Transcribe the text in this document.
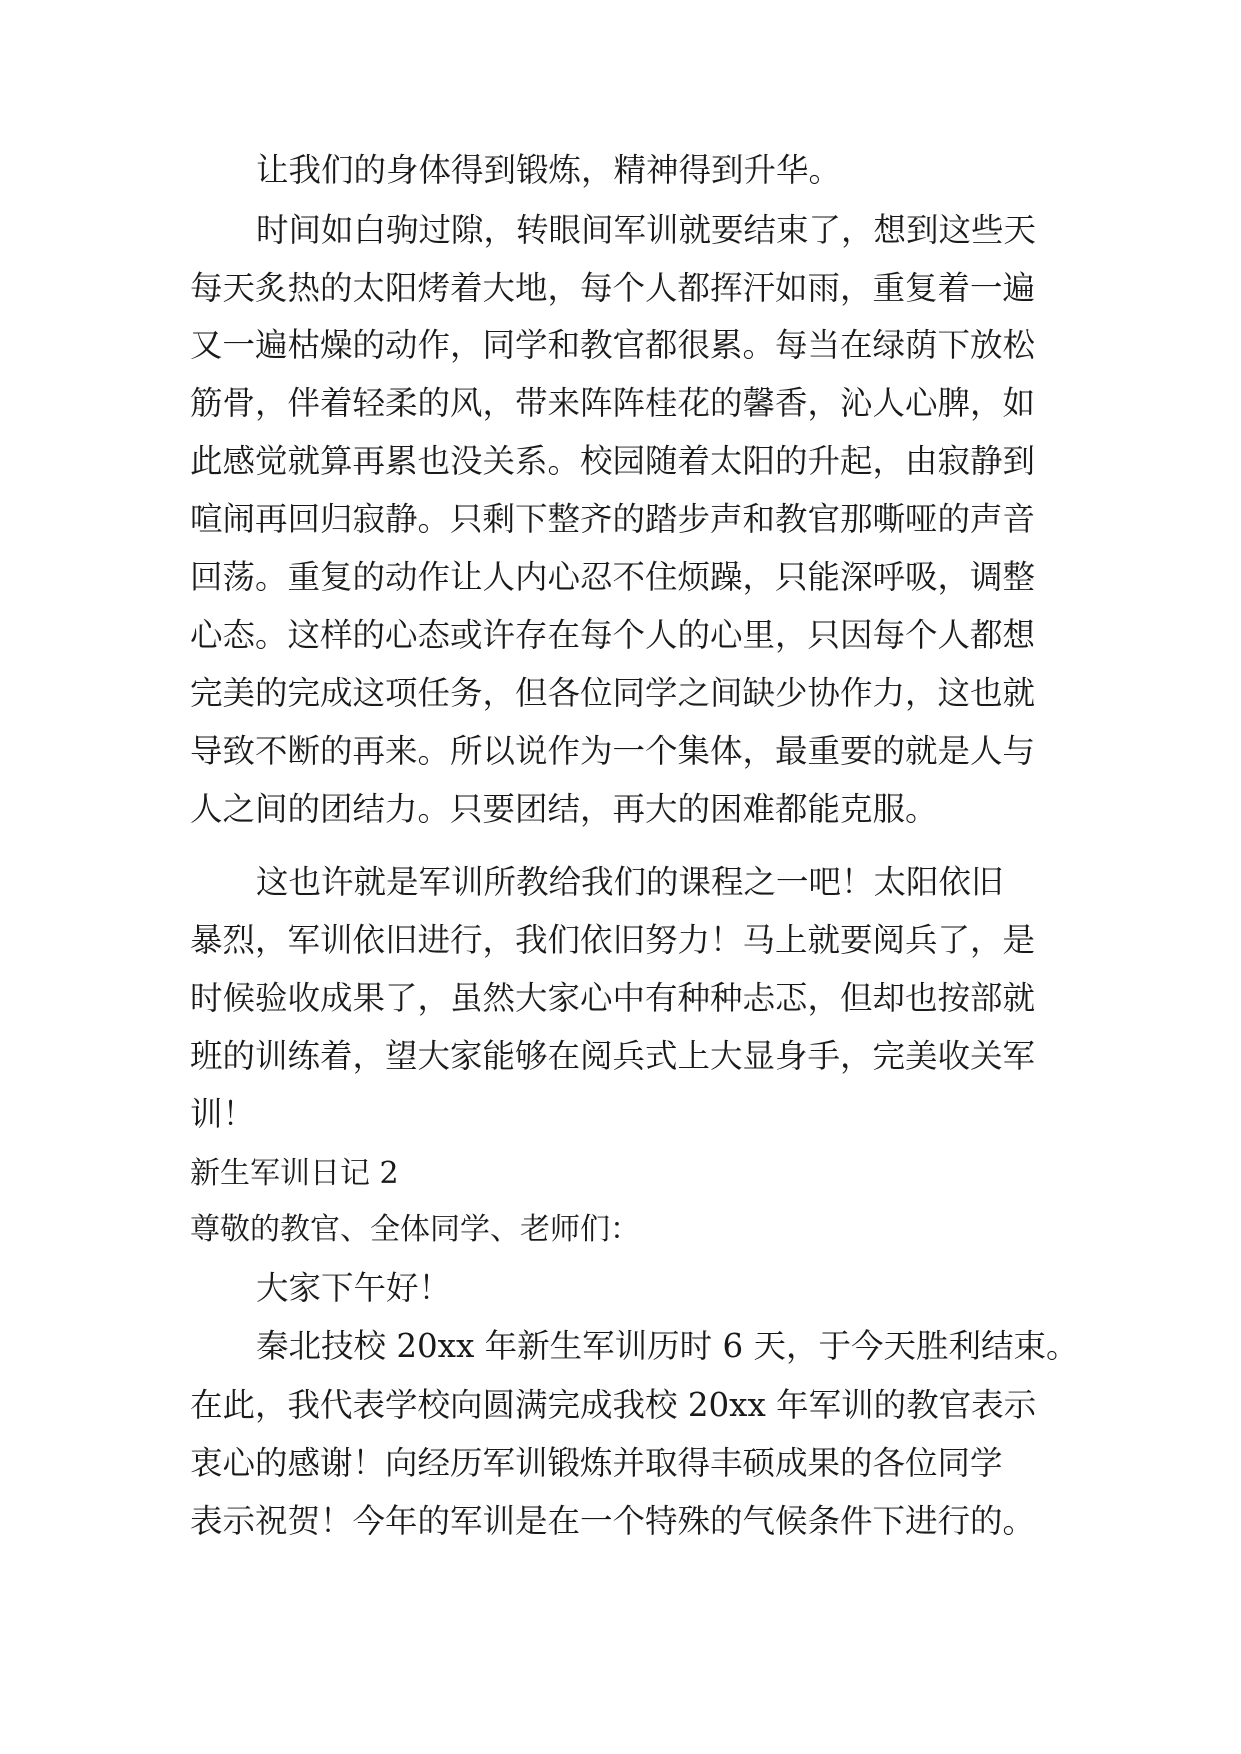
让我们的身体得到锻炼，精神得到升华。
时间如白驹过隙，转眼间军训就要结束了，想到这些天
每天炙热的太阳烤着大地，每个人都挥汗如雨，重复着一遍
又一遍枯燥的动作，同学和教官都很累。每当在绿荫下放松
筋骨，伴着轻柔的风，带来阵阵桂花的馨香，沁人心脾，如
此感觉就算再累也没关系。校园随着太阳的升起，由寂静到
喧闹再回归寂静。只剩下整齐的踏步声和教官那嘶哑的声音
回荡。重复的动作让人内心忍不住烦躁，只能深呼吸，调整
心态。这样的心态或许存在每个人的心里，只因每个人都想
完美的完成这项任务，但各位同学之间缺少协作力，这也就
导致不断的再来。所以说作为一个集体，最重要的就是人与
人之间的团结力。只要团结，再大的困难都能克服。
这也许就是军训所教给我们的课程之一吧！太阳依旧
暴烈，军训依旧进行，我们依旧努力！马上就要阅兵了，是
时候验收成果了，虽然大家心中有种种忐忑，但却也按部就
班的训练着，望大家能够在阅兵式上大显身手，完美收关军
训！
新生军训日记 2
尊敬的教官、全体同学、老师们：
大家下午好！
秦北技校 20xx 年新生军训历时 6 天，于今天胜利结束。
在此，我代表学校向圆满完成我校 20xx 年军训的教官表示
衷心的感谢！向经历军训锻炼并取得丰硕成果的各位同学
表示祝贺！今年的军训是在一个特殊的气候条件下进行的。
